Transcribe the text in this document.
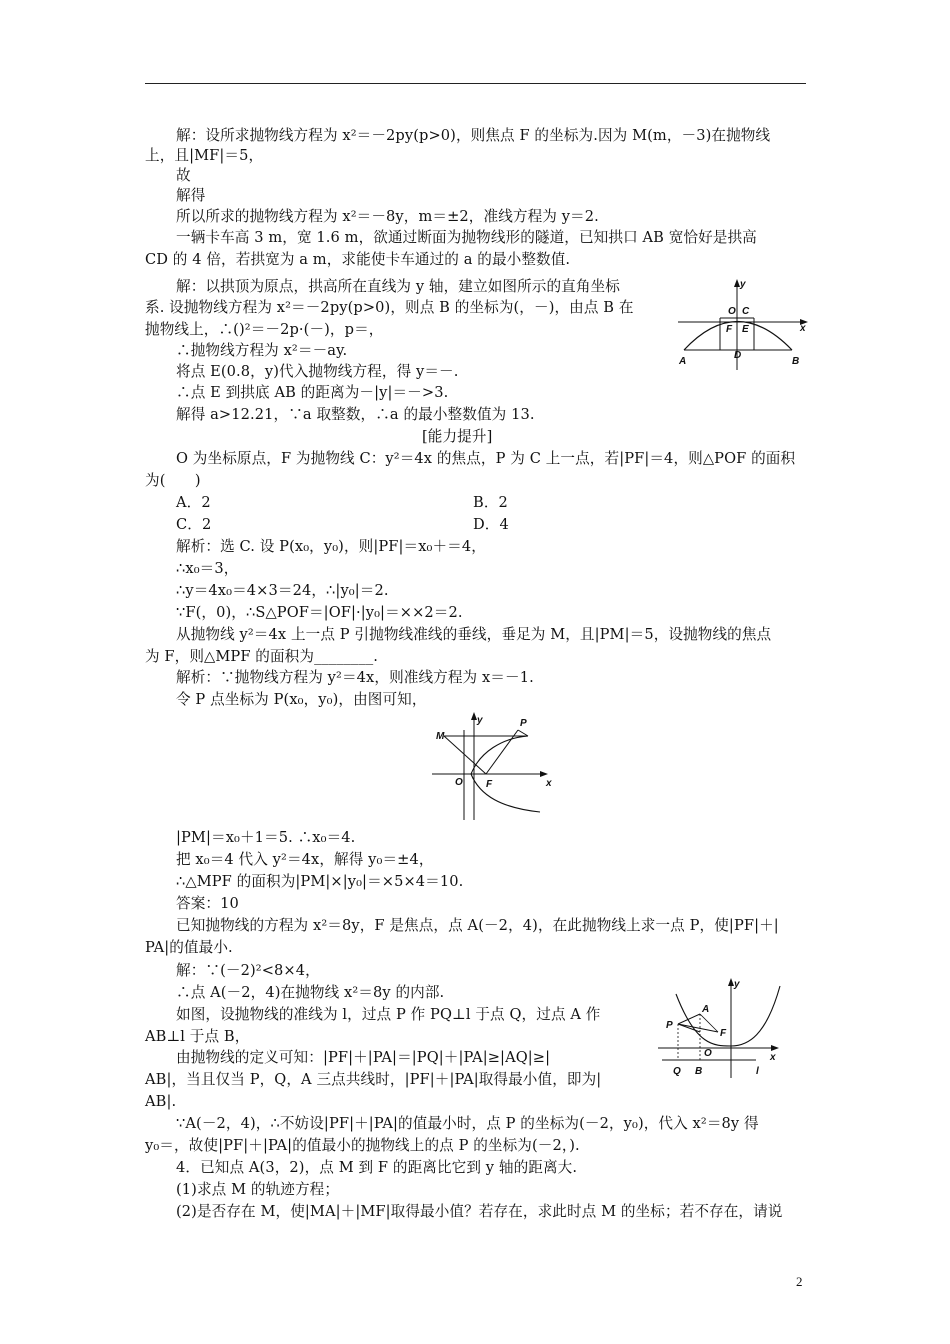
解：设所求抛物线方程为 x²＝－2py(p>0)，则焦点 F 的坐标为.因为 M(m，－3)在抛物线
上，且|MF|＝5，
故
解得
所以所求的抛物线方程为 x²＝－8y，m＝±2，准线方程为 y＝2.
一辆卡车高 3 m，宽 1.6 m，欲通过断面为抛物线形的隧道，已知拱口 AB 宽恰好是拱高
CD 的 4 倍，若拱宽为 a m，求能使卡车通过的 a 的最小整数值.
解：以拱顶为原点，拱高所在直线为 y 轴，建立如图所示的直角坐标
系. 设抛物线方程为 x²＝－2py(p>0)，则点 B 的坐标为(，－)，由点 B 在
抛物线上，∴()²＝－2p·(－)，p＝，
∴抛物线方程为 x²＝－ay.
将点 E(0.8，y)代入抛物线方程，得 y＝－.
∴点 E 到拱底 AB 的距离为－|y|＝－>3.
解得 a>12.21，∵a 取整数，∴a 的最小整数值为 13.
[能力提升]
O 为坐标原点，F 为抛物线 C：y²＝4x 的焦点，P 为 C 上一点，若|PF|＝4，则△POF 的面积
为(　　)
A．2	B．2
C．2	D．4
解析：选 C. 设 P(x₀，y₀)，则|PF|＝x₀＋＝4，
∴x₀＝3，
∴y＝4x₀＝4×3＝24，∴|y₀|＝2.
∵F(，0)，∴S△POF＝|OF|·|y₀|＝××2＝2.
从抛物线 y²＝4x 上一点 P 引抛物线准线的垂线，垂足为 M，且|PM|＝5，设抛物线的焦点
为 F，则△MPF 的面积为________.
解析：∵抛物线方程为 y²＝4x，则准线方程为 x＝－1.
令 P 点坐标为 P(x₀，y₀)，由图可知，
|PM|＝x₀＋1＝5. ∴x₀＝4.
把 x₀＝4 代入 y²＝4x，解得 y₀＝±4，
∴△MPF 的面积为|PM|×|y₀|＝×5×4＝10.
答案：10
已知抛物线的方程为 x²＝8y，F 是焦点，点 A(－2，4)，在此抛物线上求一点 P，使|PF|＋|
PA|的值最小.
解：∵(－2)²<8×4，
∴点 A(－2，4)在抛物线 x²＝8y 的内部.
如图，设抛物线的准线为 l，过点 P 作 PQ⊥l 于点 Q，过点 A 作
AB⊥l 于点 B，
由抛物线的定义可知：|PF|＋|PA|＝|PQ|＋|PA|≥|AQ|≥|
AB|，当且仅当 P，Q，A 三点共线时，|PF|＋|PA|取得最小值，即为|
AB|.
∵A(－2，4)，∴不妨设|PF|＋|PA|的值最小时，点 P 的坐标为(－2，y₀)，代入 x²＝8y 得
y₀＝，故使|PF|＋|PA|的值最小的抛物线上的点 P 的坐标为(－2，).
4．已知点 A(3，2)，点 M 到 F 的距离比它到 y 轴的距离大.
(1)求点 M 的轨迹方程；
(2)是否存在 M，使|MA|＋|MF|取得最小值？若存在，求此时点 M 的坐标；若不存在，请说
y
x
O C
F E
D
A	B
y	P
M
O F	x
y
A
P
F
O	x
Q B	l
2
